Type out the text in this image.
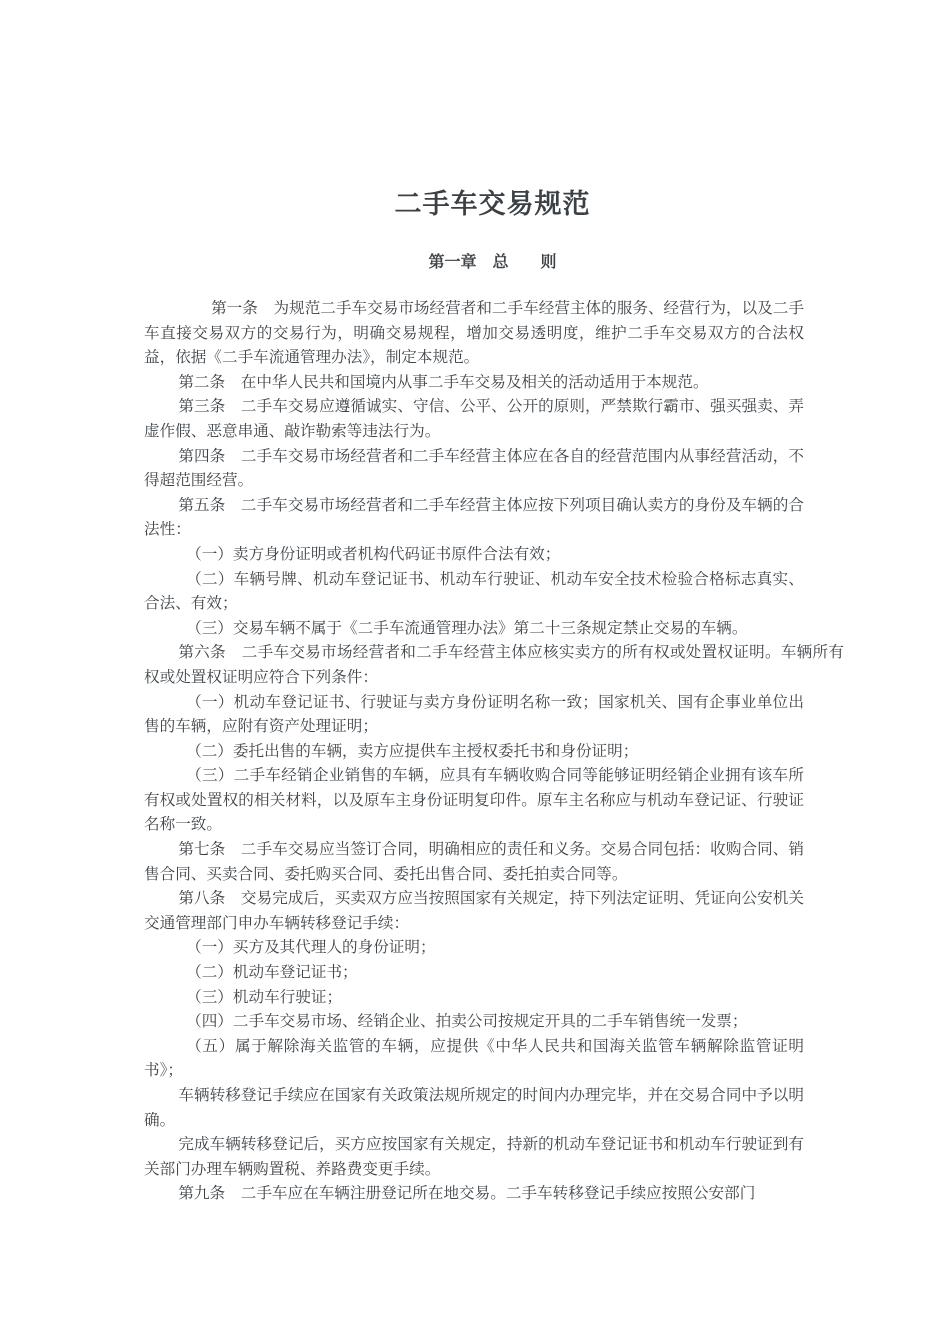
二手车交易规范
第一章　总　　则

第一条　 为规范二手车交易市场经营者和二手车经营主体的服务、经营行为，以及二手车直接交易双方的交易行为，明确交易规程，增加交易透明度，维护二手车交易双方的合法权益，依据《二手车流通管理办法》，制定本规范。

第二条　 在中华人民共和国境内从事二手车交易及相关的活动适用于本规范。

第三条　 二手车交易应遵循诚实、守信、公平、公开的原则，严禁欺行霸市、强买强卖、弄虚作假、恶意串通、敲诈勒索等违法行为。

第四条　 二手车交易市场经营者和二手车经营主体应在各自的经营范围内从事经营活动，不得超范围经营。

第五条　 二手车交易市场经营者和二手车经营主体应按下列项目确认卖方的身份及车辆的合法性：

（一）卖方身份证明或者机构代码证书原件合法有效；

（二）车辆号牌、机动车登记证书、机动车行驶证、机动车安全技术检验合格标志真实、合法、有效；

（三）交易车辆不属于《二手车流通管理办法》第二十三条规定禁止交易的车辆。

第六条　 二手车交易市场经营者和二手车经营主体应核实卖方的所有权或处置权证明。车辆所有权或处置权证明应符合下列条件：

（一）机动车登记证书、行驶证与卖方身份证明名称一致；国家机关、国有企事业单位出售的车辆，应附有资产处理证明；

（二）委托出售的车辆，卖方应提供车主授权委托书和身份证明；

（三）二手车经销企业销售的车辆，应具有车辆收购合同等能够证明经销企业拥有该车所有权或处置权的相关材料，以及原车主身份证明复印件。原车主名称应与机动车登记证、行驶证名称一致。

第七条　 二手车交易应当签订合同，明确相应的责任和义务。交易合同包括：收购合同、销售合同、买卖合同、委托购买合同、委托出售合同、委托拍卖合同等。

第八条　 交易完成后，买卖双方应当按照国家有关规定，持下列法定证明、凭证向公安机关交通管理部门申办车辆转移登记手续：

（一）买方及其代理人的身份证明；

（二）机动车登记证书；

（三）机动车行驶证；

（四）二手车交易市场、经销企业、拍卖公司按规定开具的二手车销售统一发票；

（五）属于解除海关监管的车辆，应提供《中华人民共和国海关监管车辆解除监管证明书》；

车辆转移登记手续应在国家有关政策法规所规定的时间内办理完毕，并在交易合同中予以明确。

完成车辆转移登记后，买方应按国家有关规定，持新的机动车登记证书和机动车行驶证到有关部门办理车辆购置税、养路费变更手续。

第九条　 二手车应在车辆注册登记所在地交易。二手车转移登记手续应按照公安部门
